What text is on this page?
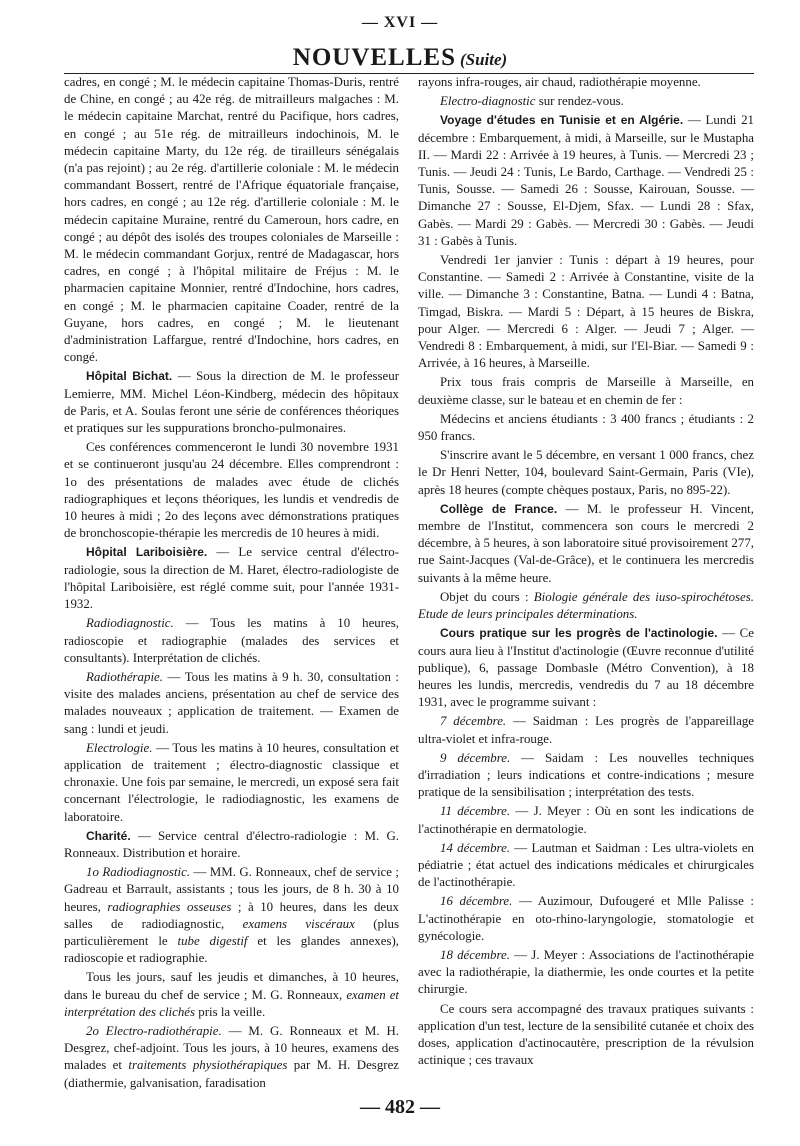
— XVI —
NOUVELLES (Suite)

cadres, en congé ; M. le médecin capitaine Thomas-Duris, rentré de Chine, en congé ; au 42e rég. de mitrailleurs malgaches : M. le médecin capitaine Marchat, rentré du Pacifique, hors cadres, en congé ; au 51e rég. de mitrailleurs indochinois, M. le médecin capitaine Marty, du 12e rég. de tirailleurs sénégalais (n'a pas rejoint) ; au 2e rég. d'artillerie coloniale : M. le médecin commandant Bossert, rentré de l'Afrique équatoriale française, hors cadres, en congé ; au 12e rég. d'artillerie coloniale : M. le médecin capitaine Muraine, rentré du Cameroun, hors cadre, en congé ; au dépôt des isolés des troupes coloniales de Marseille : M. le médecin commandant Gorjux, rentré de Madagascar, hors cadres, en congé ; à l'hôpital militaire de Fréjus : M. le pharmacien capitaine Monnier, rentré d'Indochine, hors cadres, en congé ; M. le pharmacien capitaine Coader, rentré de la Guyane, hors cadres, en congé ; M. le lieutenant d'administration Laffargue, rentré d'Indochine, hors cadres, en congé.

Hôpital Bichat. — Sous la direction de M. le professeur Lemierre, MM. Michel Léon-Kindberg, médecin des hôpitaux de Paris, et A. Soulas feront une série de conférences théoriques et pratiques sur les suppurations broncho-pulmonaires.

Ces conférences commenceront le lundi 30 novembre 1931 et se continueront jusqu'au 24 décembre. Elles comprendront : 1o des présentations de malades avec étude de clichés radiographiques et leçons théoriques, les lundis et vendredis de 10 heures à midi ; 2o des leçons avec démonstrations pratiques de bronchoscopie-thérapie les mercredis de 10 heures à midi.

Hôpital Lariboisière. — Le service central d'électro-radiologie, sous la direction de M. Haret, électro-radiologiste de l'hôpital Lariboisière, est réglé comme suit, pour l'année 1931-1932.

Radiodiagnostic. — Tous les matins à 10 heures, radioscopie et radiographie (malades des services et consultants). Interprétation de clichés.

Radiothérapie. — Tous les matins à 9 h. 30, consultation : visite des malades anciens, présentation au chef de service des malades nouveaux ; application de traitement. — Examen de sang : lundi et jeudi.

Electrologie. — Tous les matins à 10 heures, consultation et application de traitement ; électro-diagnostic classique et chronaxie. Une fois par semaine, le mercredi, un exposé sera fait concernant l'électrologie, le radiodiagnostic, les examens de laboratoire.

Charité. — Service central d'électro-radiologie : M. G. Ronneaux. Distribution et horaire.

1o Radiodiagnostic. — MM. G. Ronneaux, chef de service ; Gadreau et Barrault, assistants ; tous les jours, de 8 h. 30 à 10 heures, radiographies osseuses ; à 10 heures, dans les deux salles de radiodiagnostic, examens viscéraux (plus particulièrement le tube digestif et les glandes annexes), radioscopie et radiographie.

Tous les jours, sauf les jeudis et dimanches, à 10 heures, dans le bureau du chef de service ; M. G. Ronneaux, examen et interprétation des clichés pris la veille.

2o Electro-radiothérapie. — M. G. Ronneaux et M. H. Desgrez, chef-adjoint. Tous les jours, à 10 heures, examens des malades et traitements physiothérapiques par M. H. Desgrez (diathermie, galvanisation, faradisation

rayons infra-rouges, air chaud, radiothérapie moyenne.

Electro-diagnostic sur rendez-vous.

Voyage d'études en Tunisie et en Algérie. — Lundi 21 décembre : Embarquement, à midi, à Marseille, sur le Mustapha II. — Mardi 22 : Arrivée à 19 heures, à Tunis. — Mercredi 23 ; Tunis. — Jeudi 24 : Tunis, Le Bardo, Carthage. — Vendredi 25 : Tunis, Sousse. — Samedi 26 : Sousse, Kairouan, Sousse. — Dimanche 27 : Sousse, El-Djem, Sfax. — Lundi 28 : Sfax, Gabès. — Mardi 29 : Gabès. — Mercredi 30 : Gabès. — Jeudi 31 : Gabès à Tunis.

Vendredi 1er janvier : Tunis : départ à 19 heures, pour Constantine. — Samedi 2 : Arrivée à Constantine, visite de la ville. — Dimanche 3 : Constantine, Batna. — Lundi 4 : Batna, Timgad, Biskra. — Mardi 5 : Départ, à 15 heures de Biskra, pour Alger. — Mercredi 6 : Alger. — Jeudi 7 ; Alger. — Vendredi 8 : Embarquement, à midi, sur l'El-Biar. — Samedi 9 : Arrivée, à 16 heures, à Marseille.

Prix tous frais compris de Marseille à Marseille, en deuxième classe, sur le bateau et en chemin de fer :

Médecins et anciens étudiants : 3 400 francs ; étudiants : 2 950 francs.

S'inscrire avant le 5 décembre, en versant 1 000 francs, chez le Dr Henri Netter, 104, boulevard Saint-Germain, Paris (VIe), après 18 heures (compte chèques postaux, Paris, no 895-22).

Collège de France. — M. le professeur H. Vincent, membre de l'Institut, commencera son cours le mercredi 2 décembre, à 5 heures, à son laboratoire situé provisoirement 277, rue Saint-Jacques (Val-de-Grâce), et le continuera les mercredis suivants à la même heure.

Objet du cours : Biologie générale des iuso-spirochétoses. Etude de leurs principales déterminations.

Cours pratique sur les progrès de l'actinologie. — Ce cours aura lieu à l'Institut d'actinologie (Œuvre reconnue d'utilité publique), 6, passage Dombasle (Métro Convention), à 18 heures les lundis, mercredis, vendredis du 7 au 18 décembre 1931, avec le programme suivant :

7 décembre. — Saidman : Les progrès de l'appareillage ultra-violet et infra-rouge.

9 décembre. — Saidam : Les nouvelles techniques d'irradiation ; leurs indications et contre-indications ; mesure pratique de la sensibilisation ; interprétation des tests.

11 décembre. — J. Meyer : Où en sont les indications de l'actinothérapie en dermatologie.

14 décembre. — Lautman et Saidman : Les ultra-violets en pédiatrie ; état actuel des indications médicales et chirurgicales de l'actinothérapie.

16 décembre. — Auzimour, Dufougeré et Mlle Palisse : L'actinothérapie en oto-rhino-laryngologie, stomatologie et gynécologie.

18 décembre. — J. Meyer : Associations de l'actinothérapie avec la radiothérapie, la diathermie, les onde courtes et la petite chirurgie.

Ce cours sera accompagné des travaux pratiques suivants : application d'un test, lecture de la sensibilité cutanée et choix des doses, application d'actinocautère, prescription de la révulsion actinique ; ces travaux

— 482 —
